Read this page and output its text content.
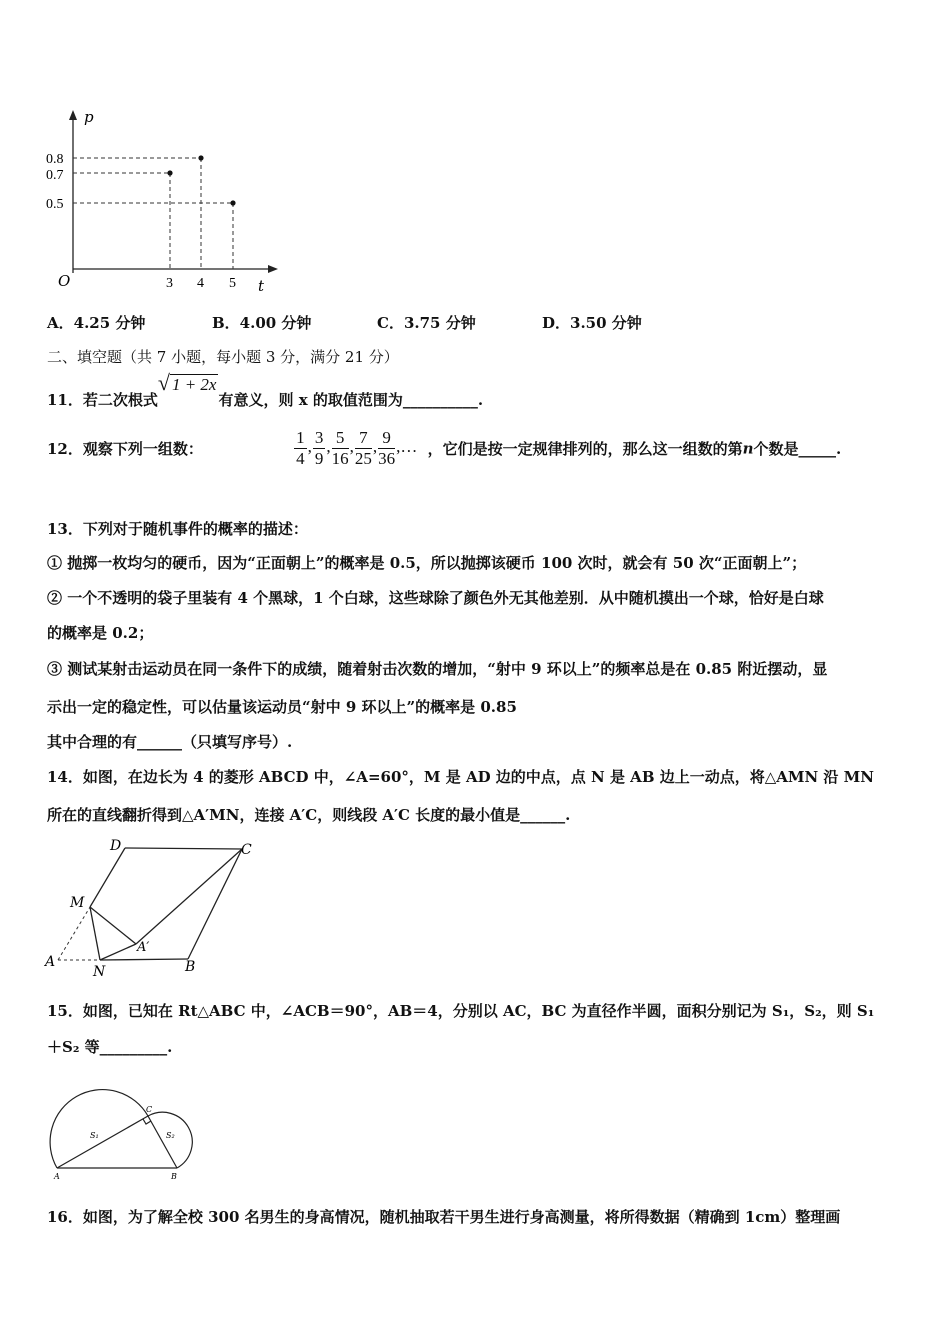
p
t
O
0.8
0.7
0.5
3 4 5
A．4.25 分钟	B．4.00 分钟	C．3.75 分钟	D．3.50 分钟
二、填空题（共 7 小题，每小题 3 分，满分 21 分）
11．若二次根式√ 1 + 2x有意义，则 x 的取值范围为__________.
12．观察下列一组数：	$\frac{1}{4}$ , $\frac{3}{9}$ , $\frac{5}{16}$ , $\frac{7}{25}$ , $\frac{9}{36}$ ,… ，它们是按一定规律排列的，那么这一组数的第n个数是_____.
13．下列对于随机事件的概率的描述：
① 抛掷一枚均匀的硬币，因为“正面朝上”的概率是 0.5，所以抛掷该硬币 100 次时，就会有 50 次“正面朝上”；
② 一个不透明的袋子里装有 4 个黑球，1 个白球，这些球除了颜色外无其他差别．从中随机摸出一个球，恰好是白球
的概率是 0.2；
③ 测试某射击运动员在同一条件下的成绩，随着射击次数的增加，“射中 9 环以上”的频率总是在 0.85 附近摆动，显
示出一定的稳定性，可以估量该运动员“射中 9 环以上”的概率是 0.85
其中合理的有______（只填写序号）.
14．如图，在边长为 4 的菱形 ABCD 中，∠A=60°，M 是 AD 边的中点，点 N 是 AB 边上一动点，将△AMN 沿 MN
所在的直线翻折得到△A′MN，连接 A′C，则线段 A′C 长度的最小值是______.
D	C
M
A′
A
N	B
15．如图，已知在 Rt△ABC 中，∠ACB＝90°，AB＝4，分别以 AC，BC 为直径作半圆，面积分别记为 S₁，S₂，则 S₁
＋S₂ 等_________.
A	B
C
S₁	S₂
16．如图，为了解全校 300 名男生的身高情况，随机抽取若干男生进行身高测量，将所得数据（精确到 1cm）整理画
